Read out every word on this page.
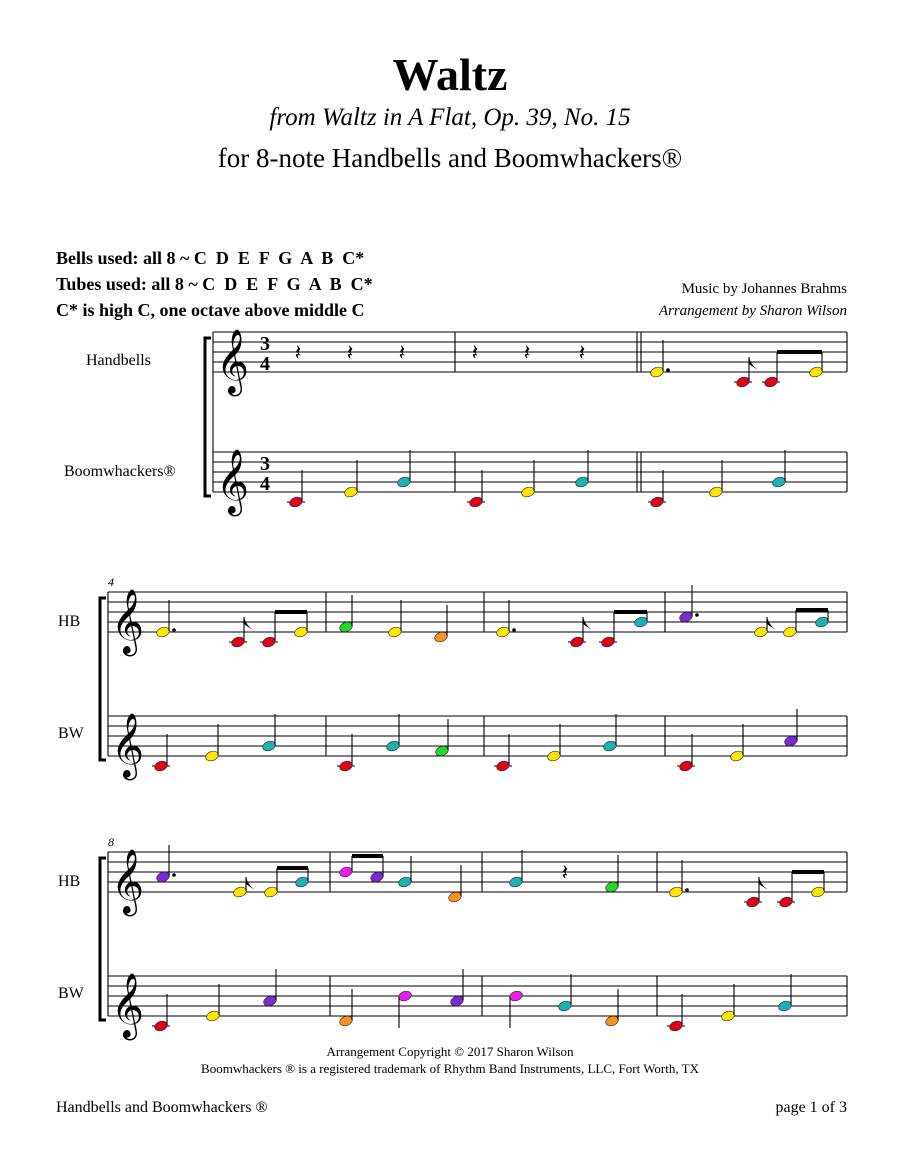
Waltz
from Waltz in A Flat, Op. 39, No. 15
for 8-note Handbells and Boomwhackers®
Bells used: all 8 ~ C  D  E  F  G  A  B  C*
Tubes used: all 8 ~ C  D  E  F  G  A  B  C*
C* is high C, one octave above middle C
Music by Johannes Brahms
Arrangement by Sharon Wilson
Handbells
Boomwhackers®
HB
BW
HB
BW
𝄞
𝄞
3
4
3
4
𝄽 𝄽 𝄽	𝄽 𝄽 𝄽
4
𝄞
𝄞
8
𝄞
𝄞
𝄽
Arrangement Copyright © 2017 Sharon Wilson
Boomwhackers ® is a registered trademark of Rhythm Band Instruments, LLC, Fort Worth, TX
Handbells and Boomwhackers ®	page 1 of 3
